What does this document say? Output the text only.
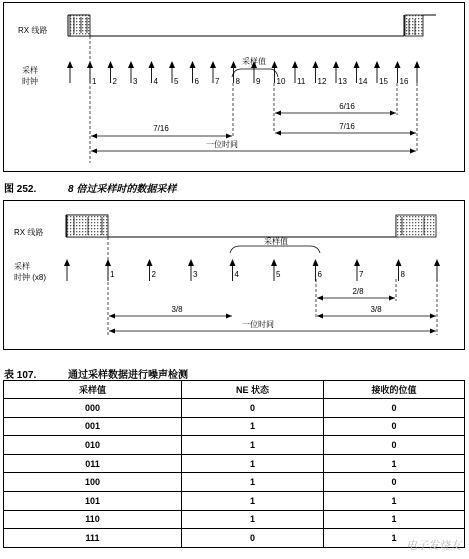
1 2 3 4 5 6 7 8 9 10 11 12 13 14 15 16
采样值
6/16
7/16	7/16
一位时间
RX 线路
采样
时钟
图 252.	8 倍过采样时的数据采样
1	2	3	4	5	6	7	8
采样值
2/8
3/8	3/8
一位时间
RX 线路
采样
时钟 (x8)
表 107.	通过采样数据进行噪声检测
采样值	NE 状态	接收的位值
000	0	0
001	1	0
010	1	0
011	1	1
100	1	0
101	1	1
110	1	1
111	0	1
电子发烧友
